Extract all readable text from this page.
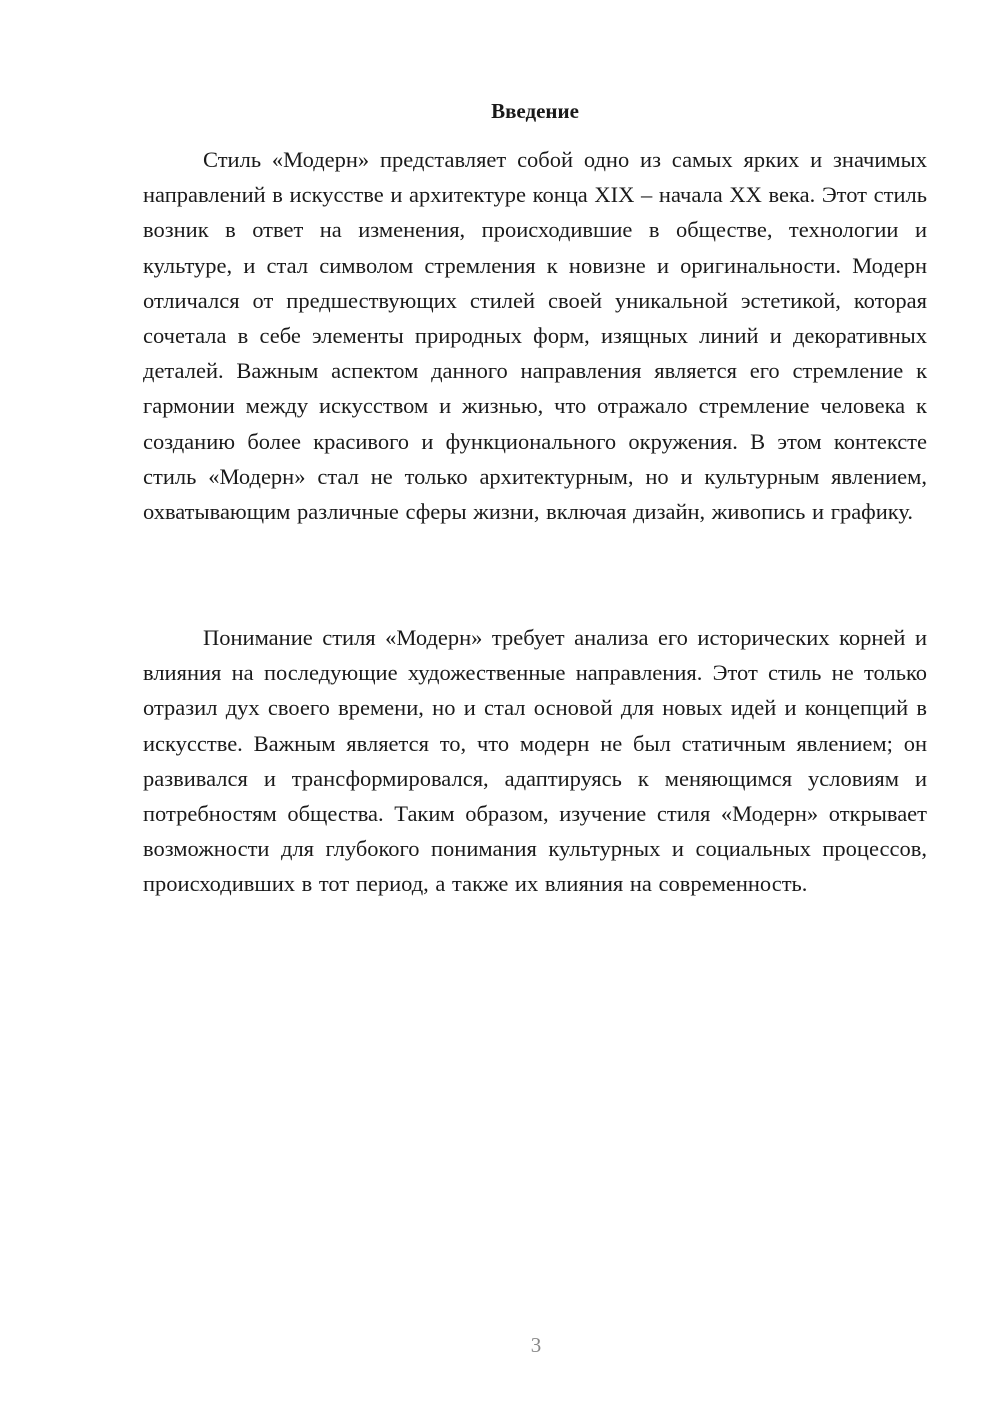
Введение

Стиль «Модерн» представляет собой одно из самых ярких и значимых направлений в искусстве и архитектуре конца XIX – начала XX века. Этот стиль возник в ответ на изменения, происходившие в обществе, технологии и культуре, и стал символом стремления к новизне и оригинальности. Модерн отличался от предшествующих стилей своей уникальной эстетикой, которая сочетала в себе элементы природных форм, изящных линий и декоративных деталей. Важным аспектом данного направления является его стремление к гармонии между искусством и жизнью, что отражало стремление человека к созданию более красивого и функционального окружения. В этом контексте стиль «Модерн» стал не только архитектурным, но и культурным явлением, охватывающим различные сферы жизни, включая дизайн, живопись и графику.

Понимание стиля «Модерн» требует анализа его исторических корней и влияния на последующие художественные направления. Этот стиль не только отразил дух своего времени, но и стал основой для новых идей и концепций в искусстве. Важным является то, что модерн не был статичным явлением; он развивался и трансформировался, адаптируясь к меняющимся условиям и потребностям общества. Таким образом, изучение стиля «Модерн» открывает возможности для глубокого понимания культурных и социальных процессов, происходивших в тот период, а также их влияния на современность.

3
